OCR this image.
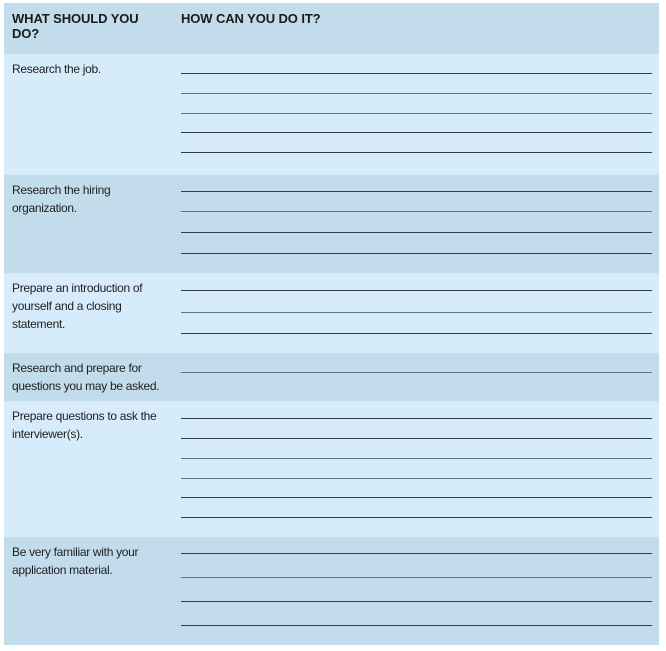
WHAT SHOULD YOU DO?
HOW CAN YOU DO IT?
Research the job.
Research the hiring organization.
Prepare an introduction of yourself and a closing statement.
Research and prepare for questions you may be asked.
Prepare questions to ask the interviewer(s).
Be very familiar with your application material.
